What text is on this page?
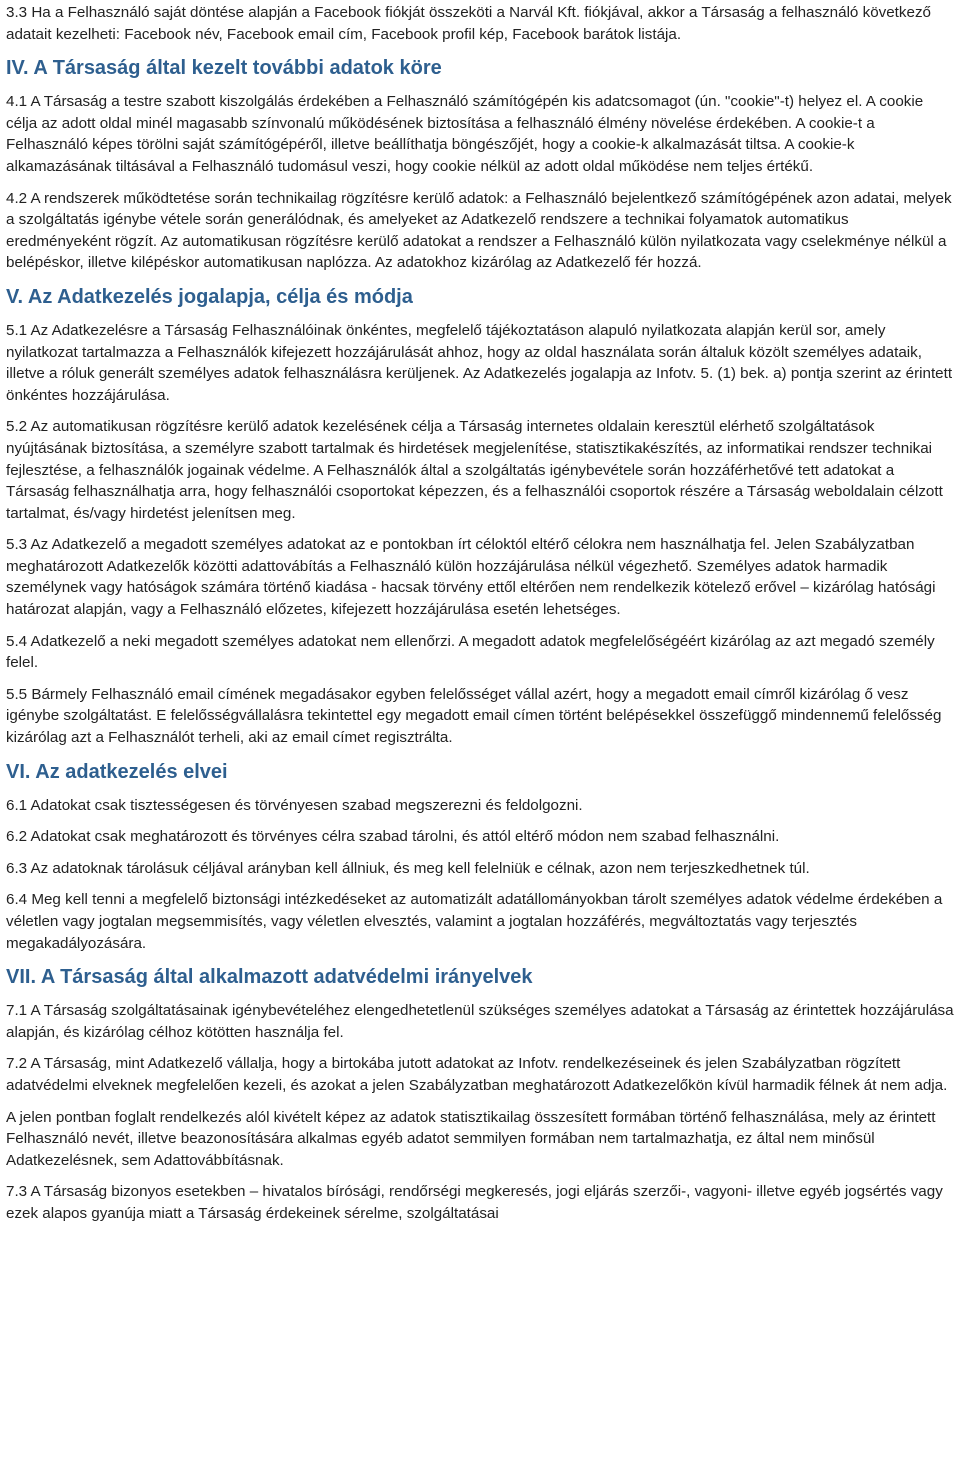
3.3 Ha a Felhasználó saját döntése alapján a Facebook fiókját összeköti a Narvál Kft. fiókjával, akkor a Társaság a felhasználó következő adatait kezelheti: Facebook név, Facebook email cím, Facebook profil kép, Facebook barátok listája.

IV. A Társaság által kezelt további adatok köre

4.1 A Társaság a testre szabott kiszolgálás érdekében a Felhasználó számítógépén kis adatcsomagot (ún. "cookie"-t) helyez el. A cookie célja az adott oldal minél magasabb színvonalú működésének biztosítása a felhasználó élmény növelése érdekében. A cookie-t a Felhasználó képes törölni saját számítógépéről, illetve beállíthatja böngészőjét, hogy a cookie-k alkalmazását tiltsa. A cookie-k alkamazásának tiltásával a Felhasználó tudomásul veszi, hogy cookie nélkül az adott oldal működése nem teljes értékű.

4.2 A rendszerek működtetése során technikailag rögzítésre kerülő adatok: a Felhasználó bejelentkező számítógépének azon adatai, melyek a szolgáltatás igénybe vétele során generálódnak, és amelyeket az Adatkezelő rendszere a technikai folyamatok automatikus eredményeként rögzít. Az automatikusan rögzítésre kerülő adatokat a rendszer a Felhasználó külön nyilatkozata vagy cselekménye nélkül a belépéskor, illetve kilépéskor automatikusan naplózza. Az adatokhoz kizárólag az Adatkezelő fér hozzá.

V. Az Adatkezelés jogalapja, célja és módja

5.1 Az Adatkezelésre a Társaság Felhasználóinak önkéntes, megfelelő tájékoztatáson alapuló nyilatkozata alapján kerül sor, amely nyilatkozat tartalmazza a Felhasználók kifejezett hozzájárulását ahhoz, hogy az oldal használata során általuk közölt személyes adataik, illetve a róluk generált személyes adatok felhasználásra kerüljenek. Az Adatkezelés jogalapja az Infotv. 5. (1) bek. a) pontja szerint az érintett önkéntes hozzájárulása.

5.2 Az automatikusan rögzítésre kerülő adatok kezelésének célja a Társaság internetes oldalain keresztül elérhető szolgáltatások nyújtásának biztosítása, a személyre szabott tartalmak és hirdetések megjelenítése, statisztikakészítés, az informatikai rendszer technikai fejlesztése, a felhasználók jogainak védelme. A Felhasználók által a szolgáltatás igénybevétele során hozzáférhetővé tett adatokat a Társaság felhasználhatja arra, hogy felhasználói csoportokat képezzen, és a felhasználói csoportok részére a Társaság weboldalain célzott tartalmat, és/vagy hirdetést jelenítsen meg.

5.3 Az Adatkezelő a megadott személyes adatokat az e pontokban írt céloktól eltérő célokra nem használhatja fel. Jelen Szabályzatban meghatározott Adatkezelők közötti adattovábítás a Felhasználó külön hozzájárulása nélkül végezhető. Személyes adatok harmadik személynek vagy hatóságok számára történő kiadása - hacsak törvény ettől eltérően nem rendelkezik kötelező erővel – kizárólag hatósági határozat alapján, vagy a Felhasználó előzetes, kifejezett hozzájárulása esetén lehetséges.

5.4 Adatkezelő a neki megadott személyes adatokat nem ellenőrzi. A megadott adatok megfelelőségéért kizárólag az azt megadó személy felel.

5.5 Bármely Felhasználó email címének megadásakor egyben felelősséget vállal azért, hogy a megadott email címről kizárólag ő vesz igénybe szolgáltatást. E felelősségvállalásra tekintettel egy megadott email címen történt belépésekkel összefüggő mindennemű felelősség kizárólag azt a Felhasználót terheli, aki az email címet regisztrálta.

VI. Az adatkezelés elvei

6.1 Adatokat csak tisztességesen és törvényesen szabad megszerezni és feldolgozni.

6.2 Adatokat csak meghatározott és törvényes célra szabad tárolni, és attól eltérő módon nem szabad felhasználni.

6.3 Az adatoknak tárolásuk céljával arányban kell állniuk, és meg kell felelniük e célnak, azon nem terjeszkedhetnek túl.

6.4 Meg kell tenni a megfelelő biztonsági intézkedéseket az automatizált adatállományokban tárolt személyes adatok védelme érdekében a véletlen vagy jogtalan megsemmisítés, vagy véletlen elvesztés, valamint a jogtalan hozzáférés, megváltoztatás vagy terjesztés megakadályozására.

VII. A Társaság által alkalmazott adatvédelmi irányelvek

7.1 A Társaság szolgáltatásainak igénybevételéhez elengedhetetlenül szükséges személyes adatokat a Társaság az érintettek hozzájárulása alapján, és kizárólag célhoz kötötten használja fel.

7.2 A Társaság, mint Adatkezelő vállalja, hogy a birtokába jutott adatokat az Infotv. rendelkezéseinek és jelen Szabályzatban rögzített adatvédelmi elveknek megfelelően kezeli, és azokat a jelen Szabályzatban meghatározott Adatkezelőkön kívül harmadik félnek át nem adja.

A jelen pontban foglalt rendelkezés alól kivételt képez az adatok statisztikailag összesített formában történő felhasználása, mely az érintett Felhasználó nevét, illetve beazonosítására alkalmas egyéb adatot semmilyen formában nem tartalmazhatja, ez által nem minősül Adatkezelésnek, sem Adattovábbításnak.

7.3 A Társaság bizonyos esetekben – hivatalos bírósági, rendőrségi megkeresés, jogi eljárás szerzői-, vagyoni- illetve egyéb jogsértés vagy ezek alapos gyanúja miatt a Társaság érdekeinek sérelme, szolgáltatásai
